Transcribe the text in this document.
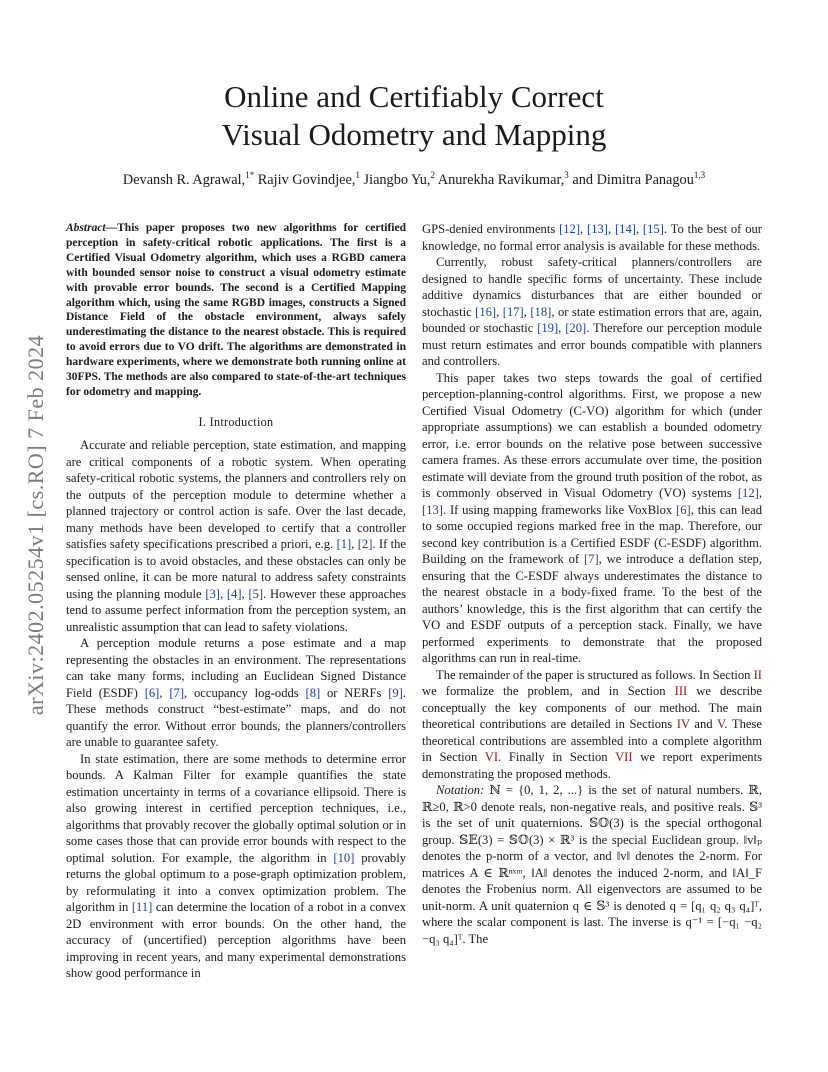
arXiv:2402.05254v1 [cs.RO] 7 Feb 2024
Online and Certifiably Correct
Visual Odometry and Mapping
Devansh R. Agrawal,$^{1*}$ Rajiv Govindjee,$^1$ Jiangbo Yu,$^2$ Anurekha Ravikumar,$^3$ and Dimitra Panagou$^{1,3}$

Abstract—This paper proposes two new algorithms for certified perception in safety-critical robotic applications. The first is a Certified Visual Odometry algorithm, which uses a RGBD camera with bounded sensor noise to construct a visual odometry estimate with provable error bounds. The second is a Certified Mapping algorithm which, using the same RGBD images, constructs a Signed Distance Field of the obstacle environment, always safely underestimating the distance to the nearest obstacle. This is required to avoid errors due to VO drift. The algorithms are demonstrated in hardware experiments, where we demonstrate both running online at 30FPS. The methods are also compared to state-of-the-art techniques for odometry and mapping.

I. Introduction

Accurate and reliable perception, state estimation, and mapping are critical components of a robotic system. When operating safety-critical robotic systems, the planners and controllers rely on the outputs of the perception module to determine whether a planned trajectory or control action is safe. Over the last decade, many methods have been developed to certify that a controller satisfies safety specifications prescribed a priori, e.g. [1], [2]. If the specification is to avoid obstacles, and these obstacles can only be sensed online, it can be more natural to address safety constraints using the planning module [3], [4], [5]. However these approaches tend to assume perfect information from the perception system, an unrealistic assumption that can lead to safety violations.

A perception module returns a pose estimate and a map representing the obstacles in an environment. The representations can take many forms, including an Euclidean Signed Distance Field (ESDF) [6], [7], occupancy log-odds [8] or NERFs [9]. These methods construct “best-estimate” maps, and do not quantify the error. Without error bounds, the planners/controllers are unable to guarantee safety.

In state estimation, there are some methods to determine error bounds. A Kalman Filter for example quantifies the state estimation uncertainty in terms of a covariance ellipsoid. There is also growing interest in certified perception techniques, i.e., algorithms that provably recover the globally optimal solution or in some cases those that can provide error bounds with respect to the optimal solution. For example, the algorithm in [10] provably returns the global optimum to a pose-graph optimization problem, by reformulating it into a convex optimization problem. The algorithm in [11] can determine the location of a robot in a convex 2D environment with error bounds. On the other hand, the accuracy of (uncertified) perception algorithms have been improving in recent years, and many experimental demonstrations show good performance in

GPS-denied environments [12], [13], [14], [15]. To the best of our knowledge, no formal error analysis is available for these methods.

Currently, robust safety-critical planners/controllers are designed to handle specific forms of uncertainty. These include additive dynamics disturbances that are either bounded or stochastic [16], [17], [18], or state estimation errors that are, again, bounded or stochastic [19], [20]. Therefore our perception module must return estimates and error bounds compatible with planners and controllers.

This paper takes two steps towards the goal of certified perception-planning-control algorithms. First, we propose a new Certified Visual Odometry (C-VO) algorithm for which (under appropriate assumptions) we can establish a bounded odometry error, i.e. error bounds on the relative pose between successive camera frames. As these errors accumulate over time, the position estimate will deviate from the ground truth position of the robot, as is commonly observed in Visual Odometry (VO) systems [12], [13]. If using mapping frameworks like VoxBlox [6], this can lead to some occupied regions marked free in the map. Therefore, our second key contribution is a Certified ESDF (C-ESDF) algorithm. Building on the framework of [7], we introduce a deflation step, ensuring that the C-ESDF always underestimates the distance to the nearest obstacle in a body-fixed frame. To the best of the authors’ knowledge, this is the first algorithm that can certify the VO and ESDF outputs of a perception stack. Finally, we have performed experiments to demonstrate that the proposed algorithms can run in real-time.

The remainder of the paper is structured as follows. In Section II we formalize the problem, and in Section III we describe conceptually the key components of our method. The main theoretical contributions are detailed in Sections IV and V. These theoretical contributions are assembled into a complete algorithm in Section VI. Finally in Section VII we report experiments demonstrating the proposed methods.

Notation: ℕ = {0, 1, 2, ...} is the set of natural numbers. ℝ, ℝ≥0, ℝ>0 denote reals, non-negative reals, and positive reals. 𝕊³ is the set of unit quaternions. 𝕊𝕆(3) is the special orthogonal group. 𝕊𝔼(3) = 𝕊𝕆(3) × ℝ³ is the special Euclidean group. ‖v‖ₚ denotes the p-norm of a vector, and ‖v‖ denotes the 2-norm. For matrices A ∈ ℝⁿˣᵐ, ‖A‖ denotes the induced 2-norm, and ‖A‖_F denotes the Frobenius norm. All eigenvectors are assumed to be unit-norm. A unit quaternion q ∈ 𝕊³ is denoted q = [q₁ q₂ q₃ q₄]ᵀ, where the scalar component is last. The inverse is q⁻¹ = [−q₁ −q₂ −q₃ q₄]ᵀ. The
